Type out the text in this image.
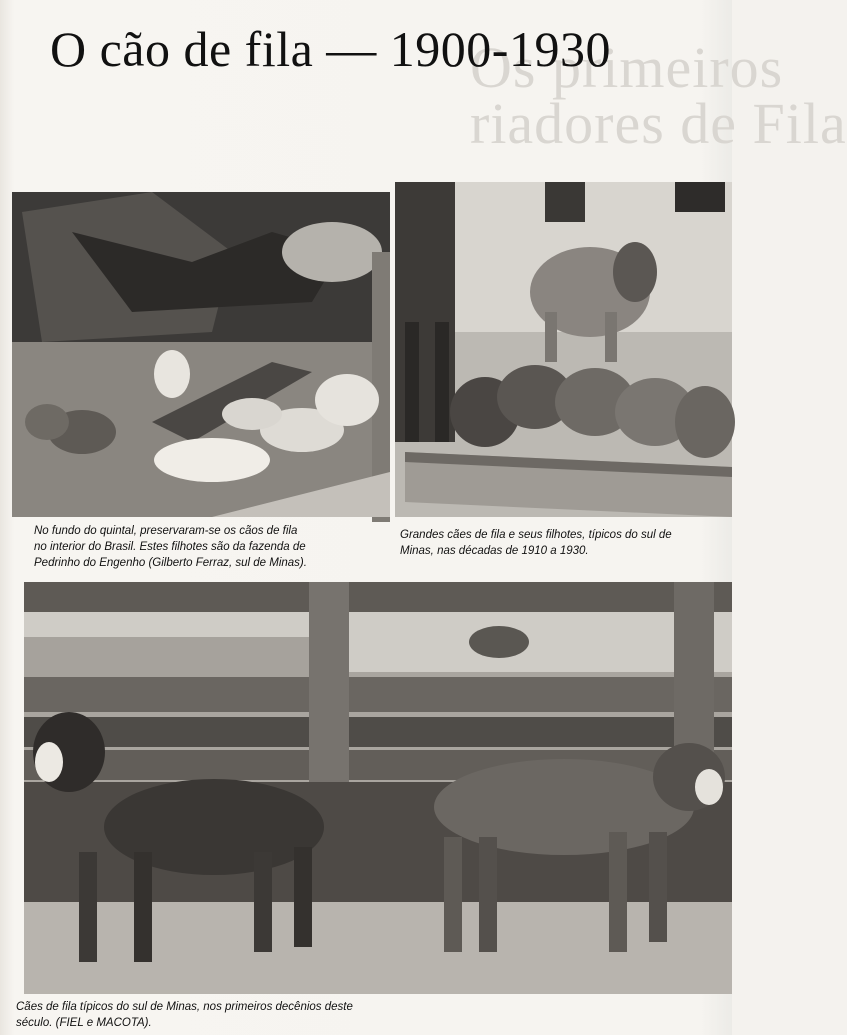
Os primeiros
riadores de Fila
O cão de fila — 1900-1930
No fundo do quintal, preservaram-se os cãos de fila
no interior do Brasil. Estes filhotes são da fazenda de
Pedrinho do Engenho (Gilberto Ferraz, sul de Minas).
Grandes cães de fila e seus filhotes, típicos do sul de
Minas, nas décadas de 1910 a 1930.
Cães de fila típicos do sul de Minas, nos primeiros decênios deste
século. (FIEL e MACOTA).
